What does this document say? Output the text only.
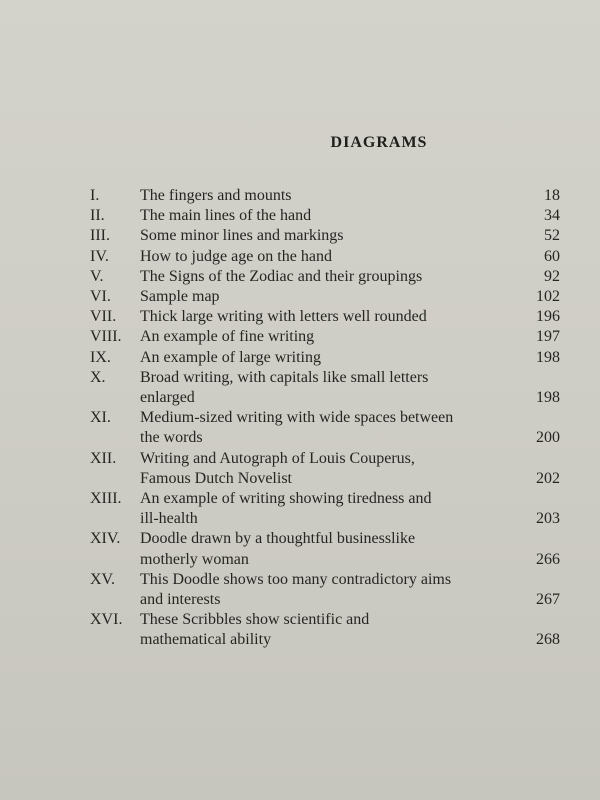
DIAGRAMS
I.	The fingers and mounts	18
II.	The main lines of the hand	34
III.	Some minor lines and markings	52
IV.	How to judge age on the hand	60
V.	The Signs of the Zodiac and their groupings	92
VI.	Sample map	102
VII.	Thick large writing with letters well rounded	196
VIII.	An example of fine writing	197
IX.	An example of large writing	198
X.	Broad writing, with capitals like small letters
enlarged	198
XI.	Medium-sized writing with wide spaces between
the words	200
XII.	Writing and Autograph of Louis Couperus,
Famous Dutch Novelist	202
XIII.	An example of writing showing tiredness and
ill-health	203
XIV.	Doodle drawn by a thoughtful businesslike
motherly woman	266
XV.	This Doodle shows too many contradictory aims
and interests	267
XVI.	These Scribbles show scientific and
mathematical ability	268
